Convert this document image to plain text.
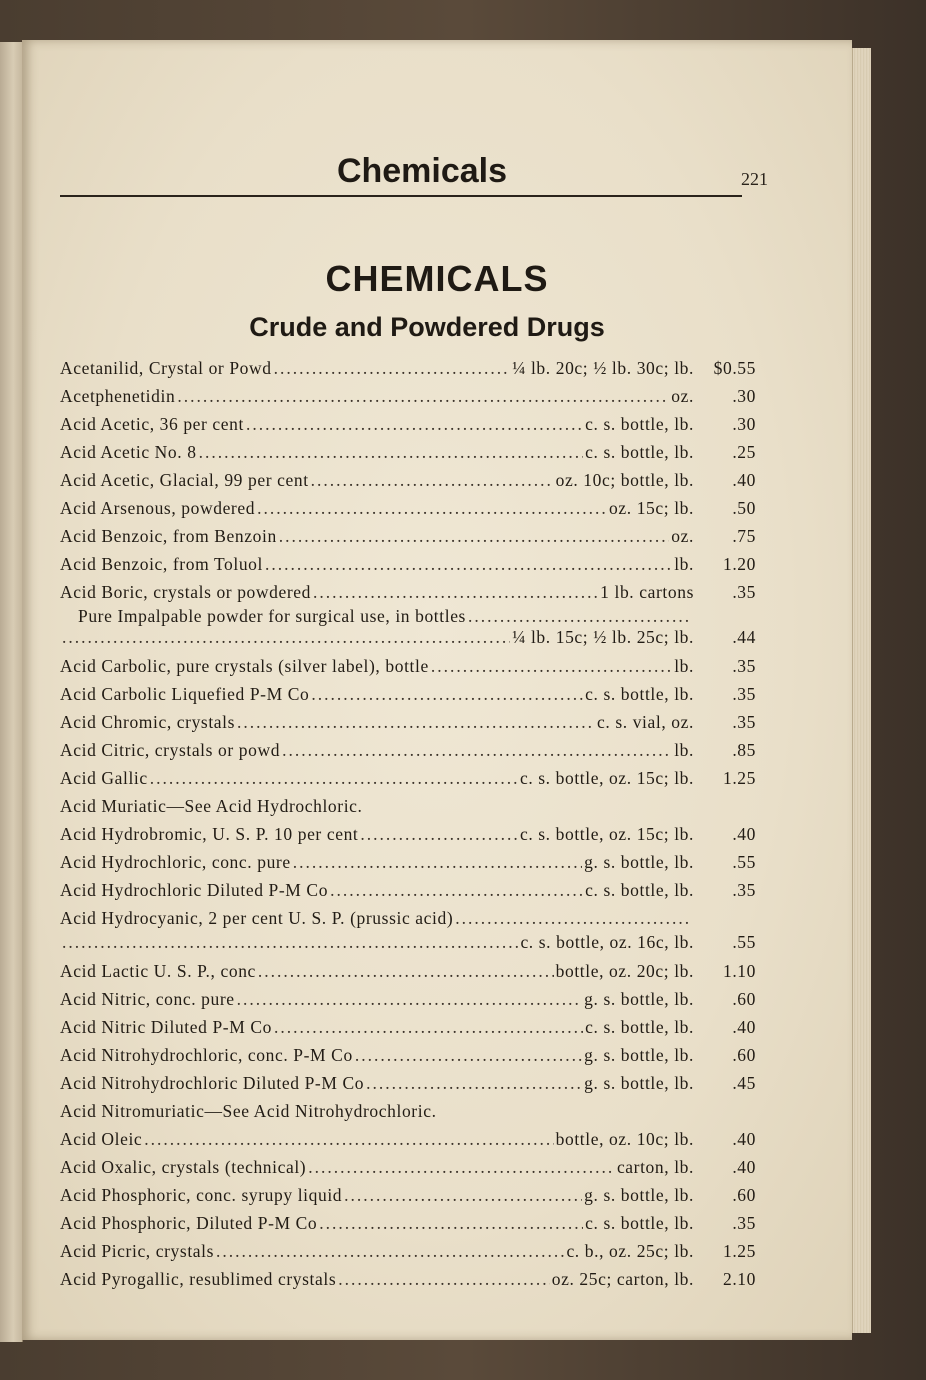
Chemicals	221
CHEMICALS
Crude and Powdered Drugs
Acetanilid, Crystal or Powd .....	¼ lb. 20c; ½ lb. 30c; lb.	$0.55
Acetphenetidin .....	oz.	.30
Acid Acetic, 36 per cent .....	c. s. bottle, lb.	.30
Acid Acetic No. 8 .....	c. s. bottle, lb.	.25
Acid Acetic, Glacial, 99 per cent .....	oz. 10c; bottle, lb.	.40
Acid Arsenous, powdered .....	oz. 15c; lb.	.50
Acid Benzoic, from Benzoin .....	oz.	.75
Acid Benzoic, from Toluol .....	lb.	1.20
Acid Boric, crystals or powdered .....	1 lb. cartons	.35
Pure Impalpable powder for surgical use, in bottles
.....
.....
¼ lb. 15c; ½ lb. 25c; lb.	.44
Acid Carbolic, pure crystals (silver label), bottle .....	lb.	.35
Acid Carbolic Liquefied P-M Co .....	c. s. bottle, lb.	.35
Acid Chromic, crystals .....	c. s. vial, oz.	.35
Acid Citric, crystals or powd .....	lb.	.85
Acid Gallic .....	c. s. bottle, oz. 15c; lb.	1.25
Acid Muriatic—See Acid Hydrochloric.
Acid Hydrobromic, U. S. P. 10 per cent .....	c. s. bottle, oz. 15c; lb.	.40
Acid Hydrochloric, conc. pure .....	g. s. bottle, lb.	.55
Acid Hydrochloric Diluted P-M Co .....	c. s. bottle, lb.	.35
Acid Hydrocyanic, 2 per cent U. S. P. (prussic acid)
.....
.....
c. s. bottle, oz. 16c, lb.	.55
Acid Lactic U. S. P., conc .....	bottle, oz. 20c; lb.	1.10
Acid Nitric, conc. pure .....	g. s. bottle, lb.	.60
Acid Nitric Diluted P-M Co .....	c. s. bottle, lb.	.40
Acid Nitrohydrochloric, conc. P-M Co .....	g. s. bottle, lb.	.60
Acid Nitrohydrochloric Diluted P-M Co .....	g. s. bottle, lb.	.45
Acid Nitromuriatic—See Acid Nitrohydrochloric.
Acid Oleic .....	bottle, oz. 10c; lb.	.40
Acid Oxalic, crystals (technical) .....	carton, lb.	.40
Acid Phosphoric, conc. syrupy liquid .....	g. s. bottle, lb.	.60
Acid Phosphoric, Diluted P-M Co .....	c. s. bottle, lb.	.35
Acid Picric, crystals .....	c. b., oz. 25c; lb.	1.25
Acid Pyrogallic, resublimed crystals .....	oz. 25c; carton, lb.	2.10
